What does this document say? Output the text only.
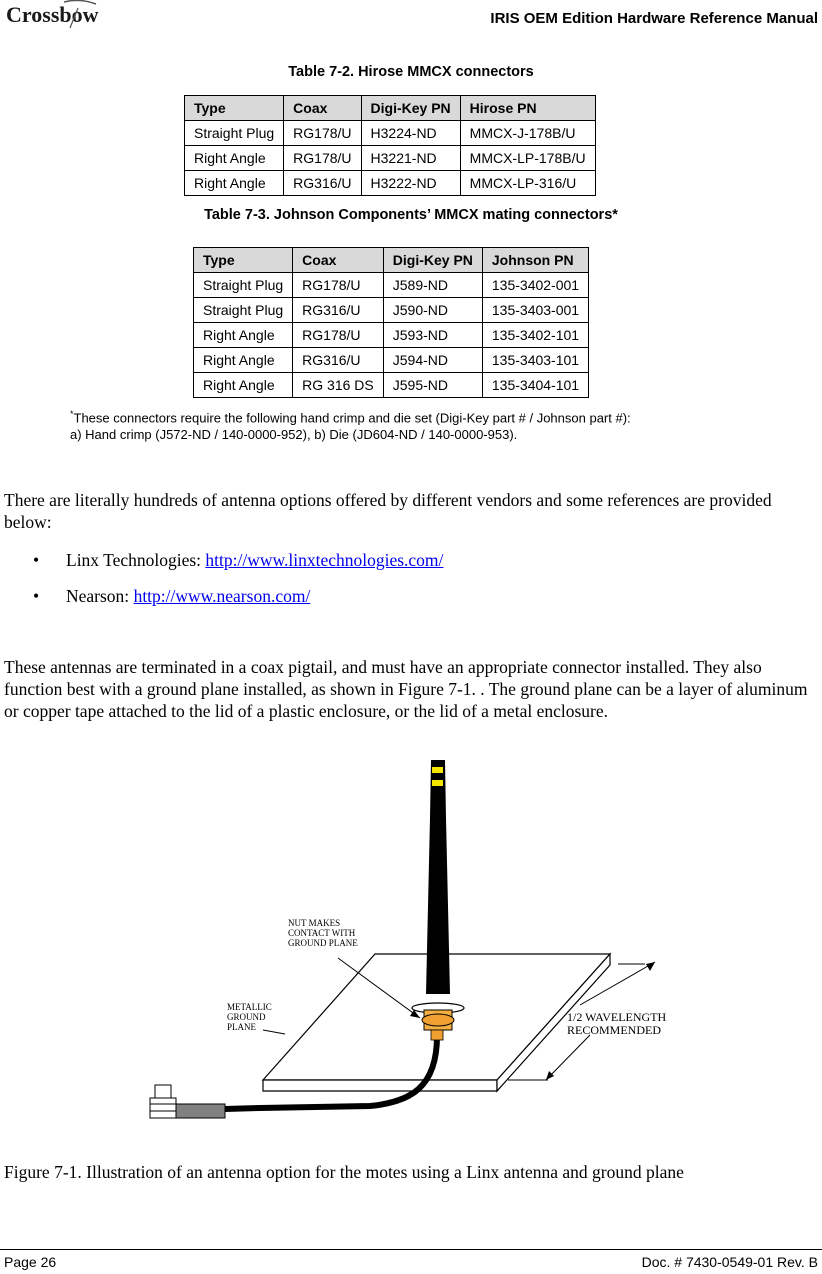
Crossbow	IRIS OEM Edition Hardware Reference Manual
Table 7-2. Hirose MMCX connectors
Type	Coax	Digi-Key PN	Hirose PN
Straight Plug	RG178/U	H3224-ND	MMCX-J-178B/U
Right Angle	RG178/U	H3221-ND	MMCX-LP-178B/U
Right Angle	RG316/U	H3222-ND	MMCX-LP-316/U
Table 7-3. Johnson Components’ MMCX mating connectors*
Type	Coax	Digi-Key PN	Johnson PN
Straight Plug	RG178/U	J589-ND	135-3402-001
Straight Plug	RG316/U	J590-ND	135-3403-001
Right Angle	RG178/U	J593-ND	135-3402-101
Right Angle	RG316/U	J594-ND	135-3403-101
Right Angle	RG 316 DS	J595-ND	135-3404-101
*These connectors require the following hand crimp and die set (Digi-Key part # / Johnson part #):
a) Hand crimp (J572-ND / 140-0000-952), b) Die (JD604-ND / 140-0000-953).
There are literally hundreds of antenna options offered by different vendors and some references are provided below:
• Linx Technologies: http://www.linxtechnologies.com/
• Nearson: http://www.nearson.com/
These antennas are terminated in a coax pigtail, and must have an appropriate connector installed. They also function best with a ground plane installed, as shown in Figure 7-1. . The ground plane can be a layer of aluminum or copper tape attached to the lid of a plastic enclosure, or the lid of a metal enclosure.
NUT MAKES
CONTACT WITH
GROUND PLANE
METALLIC
GROUND
PLANE
1/2 WAVELENGTH
RECOMMENDED
Figure 7-1. Illustration of an antenna option for the motes using a Linx antenna and ground plane
Page 26	Doc. # 7430-0549-01 Rev. B
